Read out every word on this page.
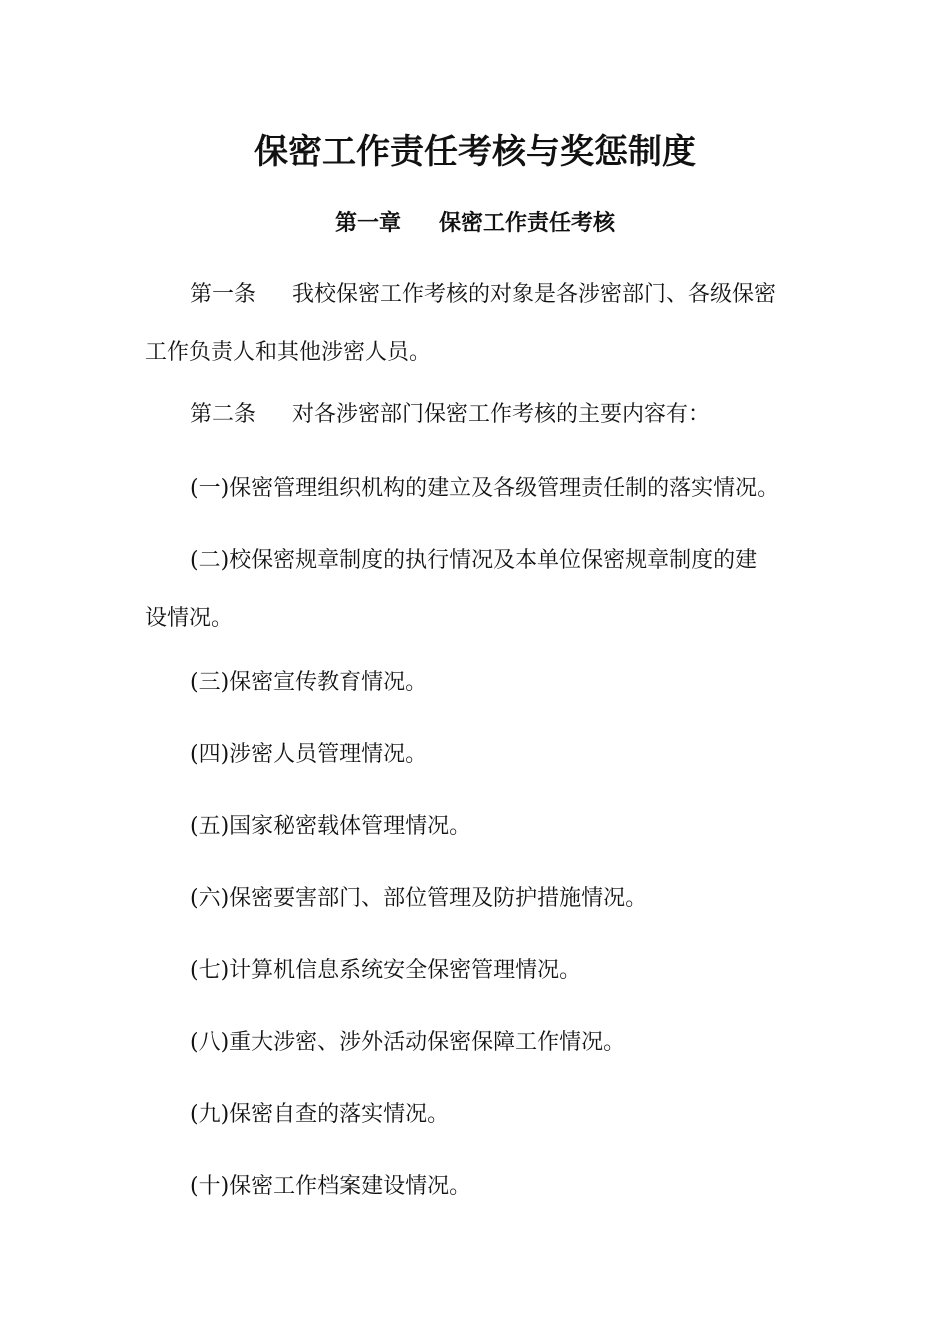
保密工作责任考核与奖惩制度
第一章 保密工作责任考核
第一条 我校保密工作考核的对象是各涉密部门、各级保密
工作负责人和其他涉密人员。
第二条 对各涉密部门保密工作考核的主要内容有：
(一)保密管理组织机构的建立及各级管理责任制的落实情况。
(二)校保密规章制度的执行情况及本单位保密规章制度的建
设情况。
(三)保密宣传教育情况。
(四)涉密人员管理情况。
(五)国家秘密载体管理情况。
(六)保密要害部门、部位管理及防护措施情况。
(七)计算机信息系统安全保密管理情况。
(八)重大涉密、涉外活动保密保障工作情况。
(九)保密自查的落实情况。
(十)保密工作档案建设情况。
